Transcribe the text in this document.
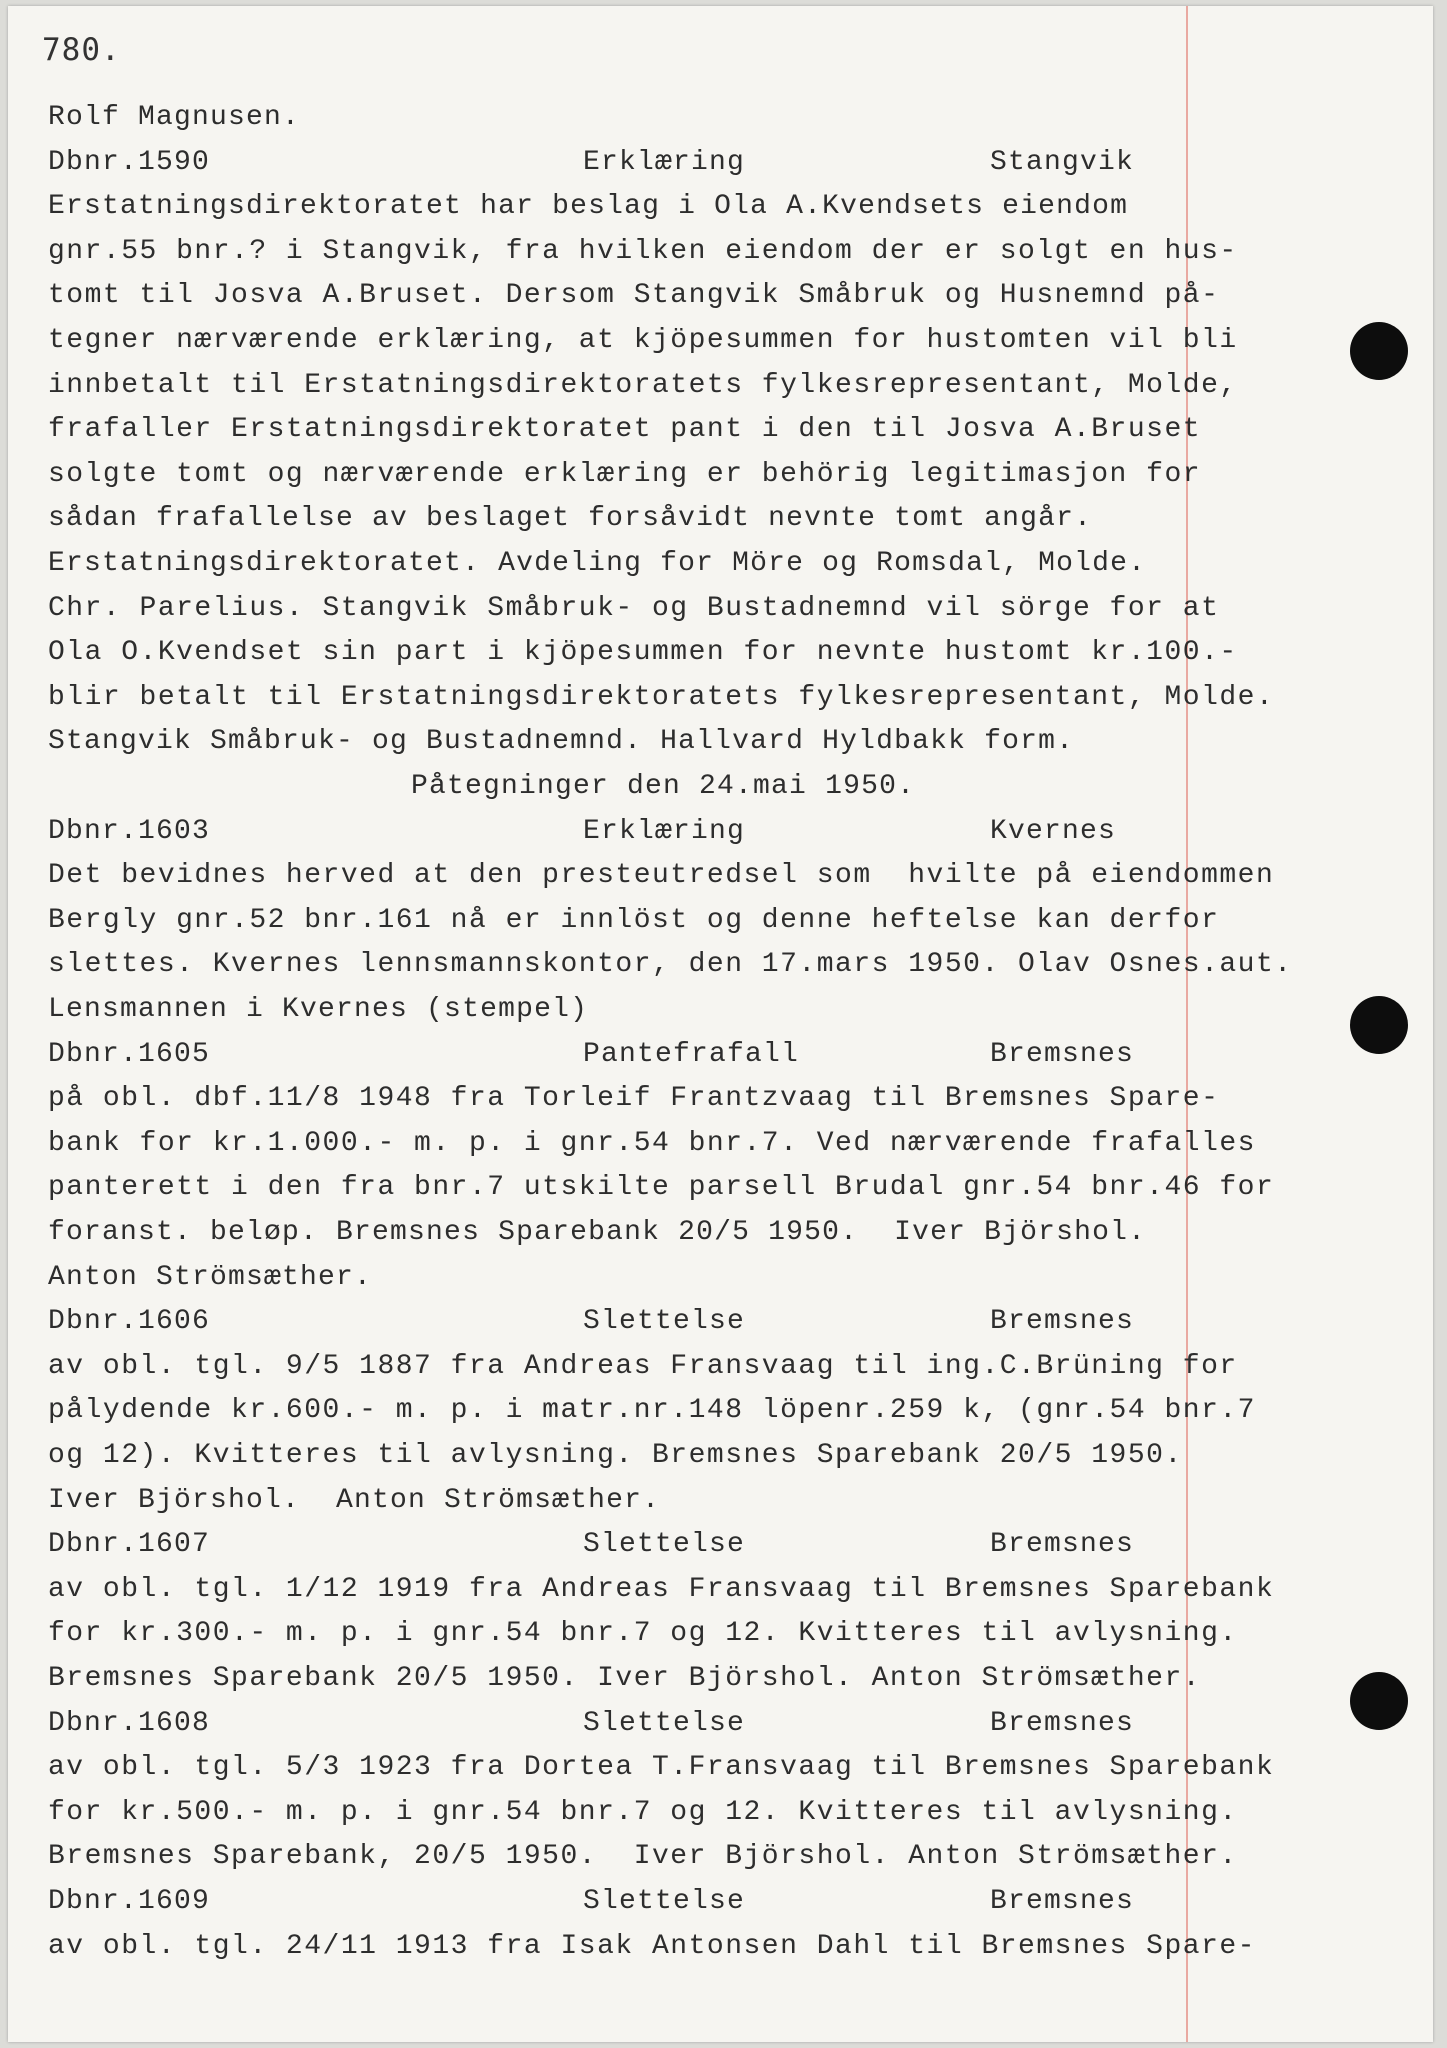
780.
Rolf Magnusen.
Dbnr.1590	Erklæring	Stangvik
Erstatningsdirektoratet har beslag i Ola A.Kvendsets eiendom
gnr.55 bnr.? i Stangvik, fra hvilken eiendom der er solgt en hus-
tomt til Josva A.Bruset. Dersom Stangvik Småbruk og Husnemnd på-
tegner nærværende erklæring, at kjöpesummen for hustomten vil bli
innbetalt til Erstatningsdirektoratets fylkesrepresentant, Molde,
frafaller Erstatningsdirektoratet pant i den til Josva A.Bruset
solgte tomt og nærværende erklæring er behörig legitimasjon for
sådan frafallelse av beslaget forsåvidt nevnte tomt angår.
Erstatningsdirektoratet. Avdeling for Möre og Romsdal, Molde.
Chr. Parelius. Stangvik Småbruk- og Bustadnemnd vil sörge for at
Ola O.Kvendset sin part i kjöpesummen for nevnte hustomt kr.100.-
blir betalt til Erstatningsdirektoratets fylkesrepresentant, Molde.
Stangvik Småbruk- og Bustadnemnd. Hallvard Hyldbakk form.
Påtegninger den 24.mai 1950.
Dbnr.1603	Erklæring	Kvernes
Det bevidnes herved at den presteutredsel som  hvilte på eiendommen
Bergly gnr.52 bnr.161 nå er innlöst og denne heftelse kan derfor
slettes. Kvernes lennsmannskontor, den 17.mars 1950. Olav Osnes.aut.
Lensmannen i Kvernes (stempel)
Dbnr.1605	Pantefrafall	Bremsnes
på obl. dbf.11/8 1948 fra Torleif Frantzvaag til Bremsnes Spare-
bank for kr.1.000.- m. p. i gnr.54 bnr.7. Ved nærværende frafalles
panterett i den fra bnr.7 utskilte parsell Brudal gnr.54 bnr.46 for
foranst. beløp. Bremsnes Sparebank 20/5 1950.  Iver Björshol.
Anton Strömsæther.
Dbnr.1606	Slettelse	Bremsnes
av obl. tgl. 9/5 1887 fra Andreas Fransvaag til ing.C.Brüning for
pålydende kr.600.- m. p. i matr.nr.148 löpenr.259 k, (gnr.54 bnr.7
og 12). Kvitteres til avlysning. Bremsnes Sparebank 20/5 1950.
Iver Björshol.  Anton Strömsæther.
Dbnr.1607	Slettelse	Bremsnes
av obl. tgl. 1/12 1919 fra Andreas Fransvaag til Bremsnes Sparebank
for kr.300.- m. p. i gnr.54 bnr.7 og 12. Kvitteres til avlysning.
Bremsnes Sparebank 20/5 1950. Iver Björshol. Anton Strömsæther.
Dbnr.1608	Slettelse	Bremsnes
av obl. tgl. 5/3 1923 fra Dortea T.Fransvaag til Bremsnes Sparebank
for kr.500.- m. p. i gnr.54 bnr.7 og 12. Kvitteres til avlysning.
Bremsnes Sparebank, 20/5 1950.  Iver Björshol. Anton Strömsæther.
Dbnr.1609	Slettelse	Bremsnes
av obl. tgl. 24/11 1913 fra Isak Antonsen Dahl til Bremsnes Spare-
